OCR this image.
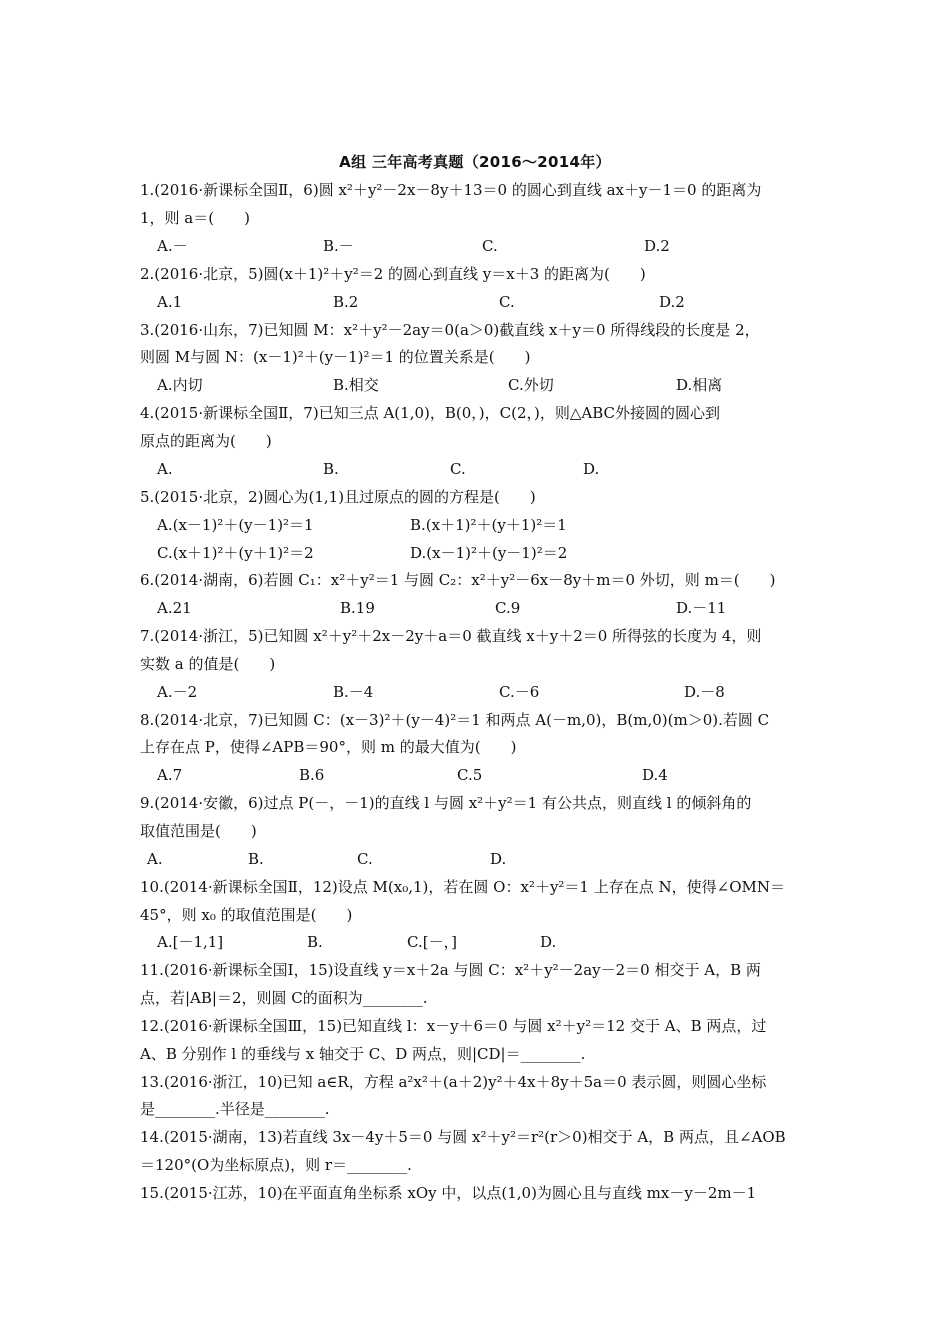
A组 三年高考真题（2016～2014年）
1.(2016·新课标全国Ⅱ，6)圆 x²＋y²－2x－8y＋13＝0 的圆心到直线 ax＋y－1＝0 的距离为
1，则 a＝(　　)
A.－	B.－	C.	D.2
2.(2016·北京，5)圆(x＋1)²＋y²＝2 的圆心到直线 y＝x＋3 的距离为(　　)
A.1	B.2	C.	D.2
3.(2016·山东，7)已知圆 M：x²＋y²－2ay＝0(a＞0)截直线 x＋y＝0 所得线段的长度是 2，
则圆 M与圆 N：(x－1)²＋(y－1)²＝1 的位置关系是(　　)
A.内切	B.相交	C.外切	D.相离
4.(2015·新课标全国Ⅱ，7)已知三点 A(1,0)，B(0，)，C(2，)，则△ABC外接圆的圆心到
原点的距离为(　　)
A.	B.	C.	D.
5.(2015·北京，2)圆心为(1,1)且过原点的圆的方程是(　　)
A.(x－1)²＋(y－1)²＝1	B.(x＋1)²＋(y＋1)²＝1
C.(x＋1)²＋(y＋1)²＝2	D.(x－1)²＋(y－1)²＝2
6.(2014·湖南，6)若圆 C₁：x²＋y²＝1 与圆 C₂：x²＋y²－6x－8y＋m＝0 外切，则 m＝(　　)
A.21	B.19	C.9	D.－11
7.(2014·浙江，5)已知圆 x²＋y²＋2x－2y＋a＝0 截直线 x＋y＋2＝0 所得弦的长度为 4，则
实数 a 的值是(　　)
A.－2	B.－4	C.－6	D.－8
8.(2014·北京，7)已知圆 C：(x－3)²＋(y－4)²＝1 和两点 A(－m,0)，B(m,0)(m＞0).若圆 C
上存在点 P，使得∠APB＝90°，则 m 的最大值为(　　)
A.7	B.6	C.5	D.4
9.(2014·安徽，6)过点 P(－，－1)的直线 l 与圆 x²＋y²＝1 有公共点，则直线 l 的倾斜角的
取值范围是(　　)
A.	B.	C.	D.
10.(2014·新课标全国Ⅱ，12)设点 M(x₀,1)，若在圆 O：x²＋y²＝1 上存在点 N，使得∠OMN＝
45°，则 x₀ 的取值范围是(　　)
A.[－1,1]	B.	C.[－，]	D.
11.(2016·新课标全国Ⅰ，15)设直线 y＝x＋2a 与圆 C：x²＋y²－2ay－2＝0 相交于 A，B 两
点，若|AB|＝2，则圆 C的面积为________.
12.(2016·新课标全国Ⅲ，15)已知直线 l：x－y＋6＝0 与圆 x²＋y²＝12 交于 A、B 两点，过
A、B 分别作 l 的垂线与 x 轴交于 C、D 两点，则|CD|＝________.
13.(2016·浙江，10)已知 a∈R，方程 a²x²＋(a＋2)y²＋4x＋8y＋5a＝0 表示圆，则圆心坐标
是________.半径是________.
14.(2015·湖南，13)若直线 3x－4y＋5＝0 与圆 x²＋y²＝r²(r＞0)相交于 A，B 两点，且∠AOB
＝120°(O为坐标原点)，则 r＝________.
15.(2015·江苏，10)在平面直角坐标系 xOy 中，以点(1,0)为圆心且与直线 mx－y－2m－1
